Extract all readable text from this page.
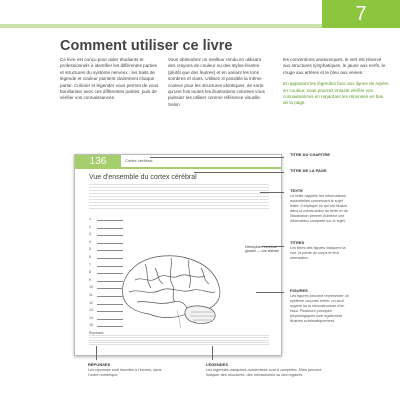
7
Comment utiliser ce livre

Ce livre est conçu pour aider étudiants et professionnels à identifier les différentes parties et structures du système nerveux ; les traits de légende et couleur pointent clairement chaque partie. Colorier et légender vous permet de vous familiariser avec ces différentes parties, puis de vérifier vos connaissances.

Vous obtiendrez un meilleur rendu en utilisant des crayons de couleur ou des stylos-feutres (plutôt que des feutres) et en variant les tons sombres et clairs. Utilisez si possible la même couleur pour les structures identiques, de sorte qu'une fois toutes les illustrations colorées vous puissiez les utiliser comme référence visuelle. Selon

les conventions anatomiques, le vert est réservé aux structures lymphatiques, le jaune aux nerfs, le rouge aux artères et le bleu aux veines.

En apposant les légendes face aux lignes de repère en couleur, vous pourrez ensuite vérifier vos connaissances en regardant les réponses en bas de la page.

136	Cortex cérébral
Vue d'ensemble du cortex cérébral
1
2
3
4
5
6
7
8
9
10
11
12
13
14
15
Hémisphère cérébral gauche — vue latérale
Réponses
TITRE DU CHAPITRE
TITRE DE LA PAGE
TEXTE
Le texte rappelle les informations essentielles concernant le sujet traité. Il explique ce qui est illustré, dans la construction du texte et de l'illustration permet d'obtenir une information complète sur le sujet.
TITRES
Les titres des figures indiquent la vue, la partie du corps et leur orientation.
FIGURES
Les figures peuvent représenter un système corporel entier, un seul organe ou la microstructure d'un tissu. Plusieurs principes physiologiques sont également illustrés schématiquement.
RÉPONSES
Les réponses sont inscrites à l'envers, dans l'ordre numérique.
LÉGENDES
Les légendes marquées numérotées sont à compléter. Elles peuvent indiquer des structures, des mécanismes ou des organes.
